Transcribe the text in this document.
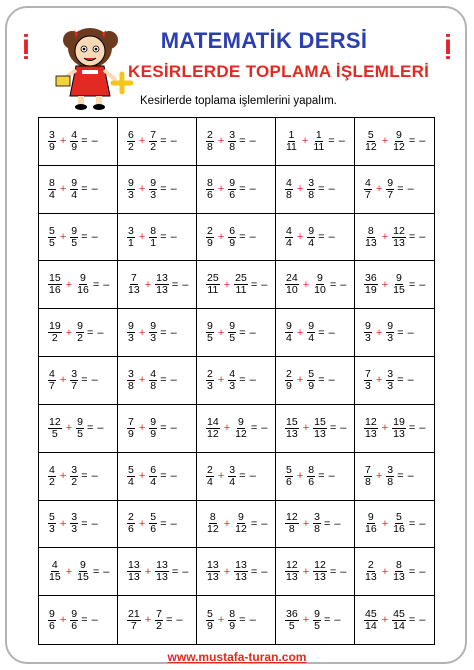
ị	ị
MATEMATİK DERSİ
KESİRLERDE TOPLAMA İŞLEMLERİ
Kesirlerde toplama işlemlerini yapalım.
$\frac{3}{9} + \frac{4}{9}$ = –	$\frac{6}{2} + \frac{7}{2}$ = –	$\frac{2}{8} + \frac{3}{8}$ = –	$\frac{1}{11} + \frac{1}{11}$ = – $\frac{5}{12} + \frac{9}{12}$ = –
$\frac{8}{4} + \frac{9}{4}$ = –	$\frac{9}{3} + \frac{9}{3}$ = –	$\frac{8}{6} + \frac{9}{6}$ = –	$\frac{4}{8} + \frac{3}{8}$ = –	$\frac{4}{7} + \frac{9}{7}$ = –
$\frac{5}{5} + \frac{9}{5}$ = –	$\frac{3}{1} + \frac{8}{1}$ = –	$\frac{2}{9} + \frac{6}{9}$ = –	$\frac{4}{4} + \frac{9}{4}$ = –	$\frac{8}{13} + \frac{12}{13}$ = –
$\frac{15}{16} + \frac{9}{16}$ = – $\frac{7}{13} + \frac{13}{13}$ = – $\frac{25}{11} + \frac{25}{11}$ = – $\frac{24}{10} + \frac{9}{10}$ = – $\frac{36}{19} + \frac{9}{15}$ = –
$\frac{19}{2} + \frac{9}{2}$ = – $\frac{9}{3} + \frac{9}{3}$ = –	$\frac{9}{5} + \frac{9}{5}$ = –	$\frac{9}{4} + \frac{9}{4}$ = –	$\frac{9}{3} + \frac{9}{3}$ = –
$\frac{4}{7} + \frac{3}{7}$ = –	$\frac{3}{8} + \frac{4}{8}$ = –	$\frac{2}{3} + \frac{4}{3}$ = –	$\frac{2}{9} + \frac{5}{9}$ = –	$\frac{7}{3} + \frac{3}{3}$ = –
$\frac{12}{5} + \frac{9}{5}$ = – $\frac{7}{9} + \frac{9}{9}$ = –	$\frac{14}{12} + \frac{9}{12}$ = – $\frac{15}{13} + \frac{15}{13}$ = – $\frac{12}{13} + \frac{19}{13}$ = –
$\frac{4}{2} + \frac{3}{2}$ = –	$\frac{5}{4} + \frac{6}{4}$ = –	$\frac{2}{4} + \frac{3}{4}$ = –	$\frac{5}{6} + \frac{8}{6}$ = –	$\frac{7}{8} + \frac{3}{8}$ = –
$\frac{5}{3} + \frac{3}{3}$ = –	$\frac{2}{6} + \frac{5}{6}$ = –	$\frac{8}{12} + \frac{9}{12}$ = – $\frac{12}{8} + \frac{3}{8}$ = – $\frac{9}{16} + \frac{5}{16}$ = –
$\frac{4}{15} + \frac{9}{15}$ = – $\frac{13}{13} + \frac{13}{13}$ = – $\frac{13}{13} + \frac{13}{13}$ = – $\frac{12}{13} + \frac{12}{13}$ = – $\frac{2}{13} + \frac{8}{13}$ = –
$\frac{9}{6} + \frac{9}{6}$ = –	$\frac{21}{7} + \frac{7}{2}$ = – $\frac{5}{9} + \frac{8}{9}$ = –	$\frac{36}{5} + \frac{9}{5}$ = – $\frac{45}{14} + \frac{45}{14}$ = –
www.mustafa-turan.com
